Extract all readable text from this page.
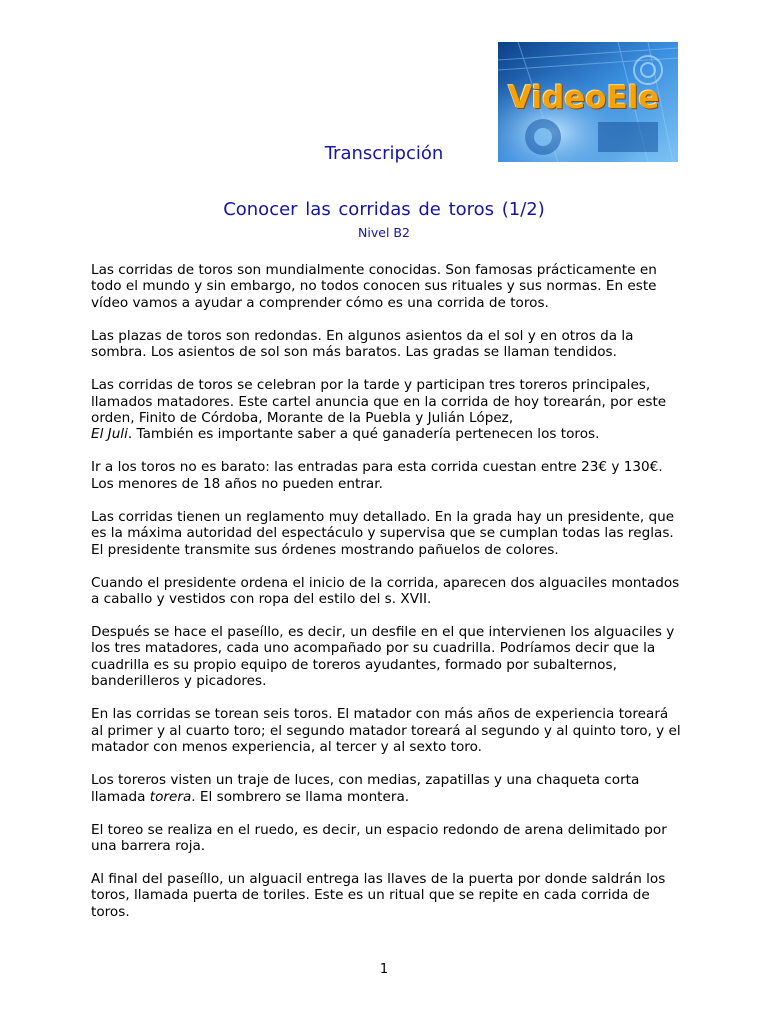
VideoEle
Transcripción
Conocer las corridas de toros (1/2)
Nivel B2

Las corridas de toros son mundialmente conocidas. Son famosas prácticamente en todo el mundo y sin embargo, no todos conocen sus rituales y sus normas. En este vídeo vamos a ayudar a comprender cómo es una corrida de toros.

Las plazas de toros son redondas. En algunos asientos da el sol y en otros da la sombra. Los asientos de sol son más baratos. Las gradas se llaman tendidos.

Las corridas de toros se celebran por la tarde y participan tres toreros principales, llamados matadores. Este cartel anuncia que en la corrida de hoy torearán, por este orden, Finito de Córdoba, Morante de la Puebla y Julián López,
El Juli. También es importante saber a qué ganadería pertenecen los toros.

Ir a los toros no es barato: las entradas para esta corrida cuestan entre 23€ y 130€. Los menores de 18 años no pueden entrar.

Las corridas tienen un reglamento muy detallado. En la grada hay un presidente, que es la máxima autoridad del espectáculo y supervisa que se cumplan todas las reglas. El presidente transmite sus órdenes mostrando pañuelos de colores.

Cuando el presidente ordena el inicio de la corrida, aparecen dos alguaciles montados a caballo y vestidos con ropa del estilo del s. XVII.

Después se hace el paseíllo, es decir, un desfile en el que intervienen los alguaciles y los tres matadores, cada uno acompañado por su cuadrilla. Podríamos decir que la cuadrilla es su propio equipo de toreros ayudantes, formado por subalternos, banderilleros y picadores.

En las corridas se torean seis toros. El matador con más años de experiencia toreará al primer y al cuarto toro; el segundo matador toreará al segundo y al quinto toro, y el matador con menos experiencia, al tercer y al sexto toro.

Los toreros visten un traje de luces, con medias, zapatillas y una chaqueta corta llamada torera. El sombrero se llama montera.

El toreo se realiza en el ruedo, es decir, un espacio redondo de arena delimitado por una barrera roja.

Al final del paseíllo, un alguacil entrega las llaves de la puerta por donde saldrán los toros, llamada puerta de toriles. Este es un ritual que se repite en cada corrida de toros.

1
